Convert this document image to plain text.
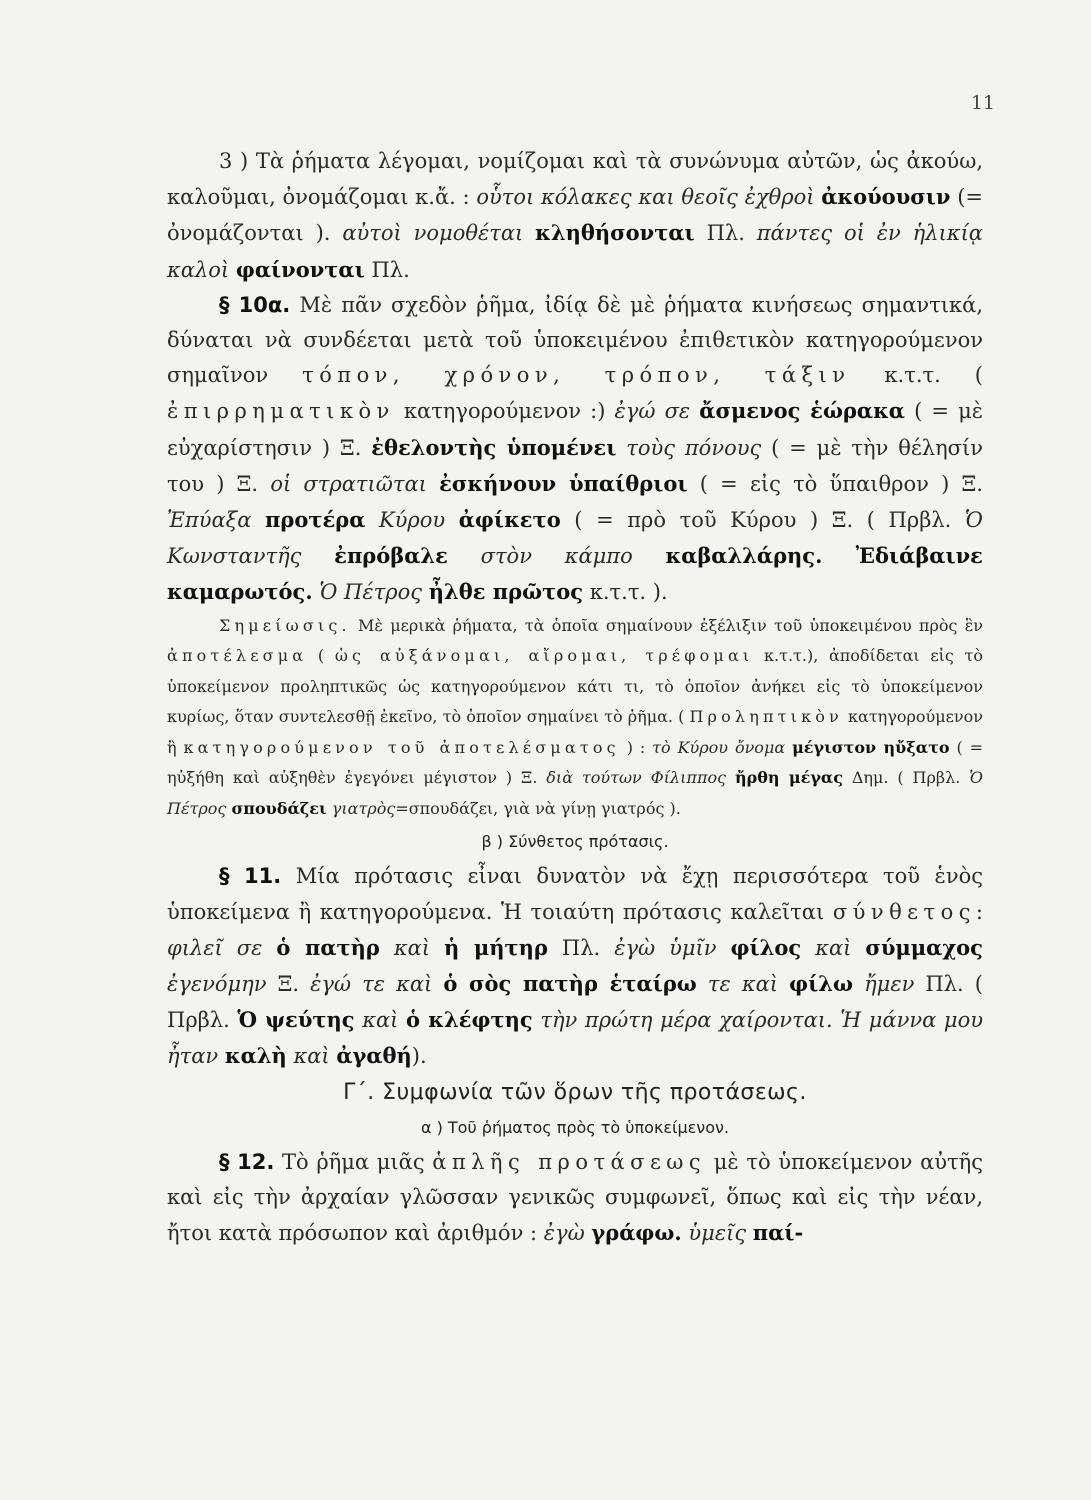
11

3 ) Τὰ ῥήματα λέγομαι, νομίζομαι καὶ τὰ συνώνυμα αὐτῶν, ὡς ἀκούω, καλοῦμαι, ὀνομάζομαι κ.ἄ. : οὗτοι κόλακες και θεοῖς ἐχθροὶ ἀκούουσιν (= ὀνομάζονται ). αὐτοὶ νομοθέται κληθήσονται Πλ. πάντες οἱ ἐν ἡλικίᾳ καλοὶ φαίνονται Πλ.

§ 10α. Μὲ πᾶν σχεδὸν ῥῆμα, ἰδίᾳ δὲ μὲ ῥήματα κινήσεως σημαντικά, δύναται νὰ συνδέεται μετὰ τοῦ ὑποκειμένου ἐπιθετικὸν κατηγορούμενον σημαῖνον τόπον, χρόνον, τρόπον, τάξιν κ.τ.τ. ( ἐπιρρηματικὸν κατηγορούμενον :) ἐγώ σε ἄσμενος ἑώρακα ( = μὲ εὐχαρίστησιν ) Ξ. ἐθελοντὴς ὑπομένει τοὺς πόνους ( = μὲ τὴν θέλησίν του ) Ξ. οἱ στρατιῶται ἐσκήνουν ὑπαίθριοι ( = εἰς τὸ ὕπαιθρον ) Ξ. Ἐπύαξα προτέρα Κύρου ἀφίκετο ( = πρὸ τοῦ Κύρου ) Ξ. ( Πρβλ. Ὁ Κωνσταντῆς ἐπρόβαλε στὸν κάμπο καβαλλάρης. Ἐδιάβαινε καμαρωτός. Ὁ Πέτρος ἦλθε πρῶτος κ.τ.τ. ).

Σημείωσις. Μὲ μερικὰ ῥήματα, τὰ ὁποῖα σημαίνουν ἐξέλιξιν τοῦ ὑποκειμένου πρὸς ἓν ἀποτέλεσμα ( ὡς αὐξάνομαι, αἴρομαι, τρέφομαι κ.τ.τ.), ἀποδίδεται εἰς τὸ ὑποκείμενον προληπτικῶς ὡς κατηγορούμενον κάτι τι, τὸ ὁποῖον ἀνήκει εἰς τὸ ὑποκείμενον κυρίως, ὅταν συντελεσθῇ ἐκεῖνο, τὸ ὁποῖον σημαίνει τὸ ῥῆμα. ( Προληπτικὸν κατηγορούμενον ἢ κατηγορούμενον τοῦ ἀποτελέσματος ) : τὸ Κύρου ὄνομα μέγιστον ηὔξατο ( = ηὐξήθη καὶ αὐξηθὲν ἐγεγόνει μέγιστον ) Ξ. διὰ τούτων Φίλιππος ἤρθη μέγας Δημ. ( Πρβλ. Ὁ Πέτρος σπουδάζει γιατρὸς=σπουδάζει, γιὰ νὰ γίνῃ γιατρός ).

β ) Σύνθετος πρότασις.

§ 11. Μία πρότασις εἶναι δυνατὸν νὰ ἔχῃ περισσότερα τοῦ ἑνὸς ὑποκείμενα ἢ κατηγορούμενα. Ἡ τοιαύτη πρότασις καλεῖται σύνθετος: φιλεῖ σε ὁ πατὴρ καὶ ἡ μήτηρ Πλ. ἐγὼ ὑμῖν φίλος καὶ σύμμαχος ἐγενόμην Ξ. ἐγώ τε καὶ ὁ σὸς πατὴρ ἑταίρω τε καὶ φίλω ἤμεν Πλ. ( Πρβλ. Ὁ ψεύτης καὶ ὁ κλέφτης τὴν πρώτη μέρα χαίρονται. Ἡ μάννα μου ἦταν καλὴ καὶ ἀγαθή).

Γ΄. Συμφωνία τῶν ὅρων τῆς προτάσεως.

α ) Τοῦ ῥήματος πρὸς τὸ ὑποκείμενον.

§ 12. Τὸ ῥῆμα μιᾶς ἁπλῆς προτάσεως μὲ τὸ ὑποκείμενον αὐτῆς καὶ εἰς τὴν ἀρχαίαν γλῶσσαν γενικῶς συμφωνεῖ, ὅπως καὶ εἰς τὴν νέαν, ἤτοι κατὰ πρόσωπον καὶ ἀριθμόν : ἐγὼ γράφω. ὑμεῖς παί-
